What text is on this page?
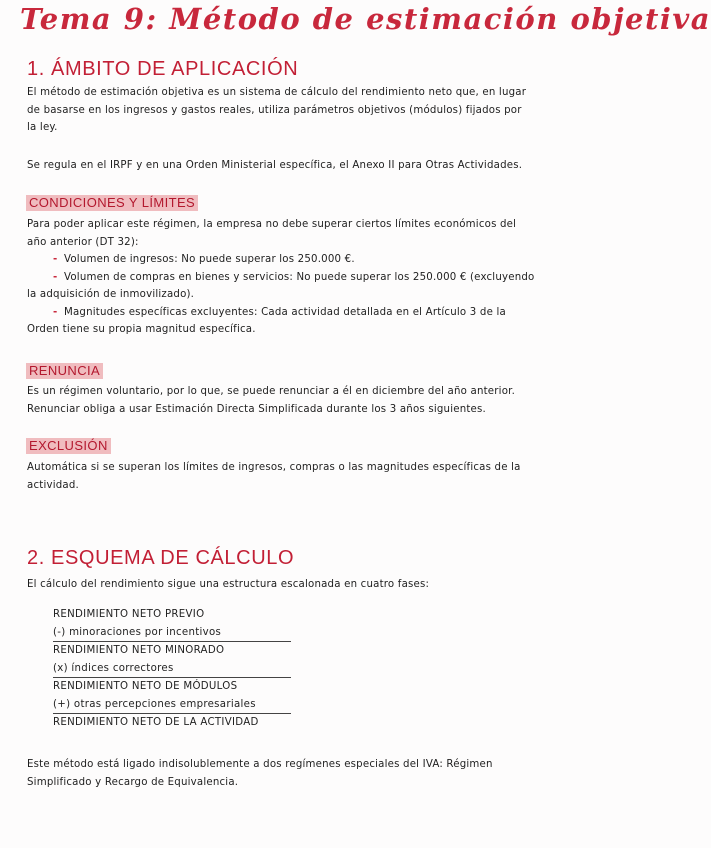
Tema 9: Método de estimación objetiva
1. ÁMBITO DE APLICACIÓN
El método de estimación objetiva es un sistema de cálculo del rendimiento neto que, en lugar
de basarse en los ingresos y gastos reales, utiliza parámetros objetivos (módulos) fijados por
la ley.
Se regula en el IRPF y en una Orden Ministerial específica, el Anexo II para Otras Actividades.
CONDICIONES Y LÍMITES
Para poder aplicar este régimen, la empresa no debe superar ciertos límites económicos del
año anterior (DT 32):
- Volumen de ingresos: No puede superar los 250.000 €.
- Volumen de compras en bienes y servicios: No puede superar los 250.000 € (excluyendo
la adquisición de inmovilizado).
- Magnitudes específicas excluyentes: Cada actividad detallada en el Artículo 3 de la
Orden tiene su propia magnitud específica.
RENUNCIA
Es un régimen voluntario, por lo que, se puede renunciar a él en diciembre del año anterior.
Renunciar obliga a usar Estimación Directa Simplificada durante los 3 años siguientes.
EXCLUSIÓN
Automática si se superan los límites de ingresos, compras o las magnitudes específicas de la
actividad.
2. ESQUEMA DE CÁLCULO
El cálculo del rendimiento sigue una estructura escalonada en cuatro fases:
RENDIMIENTO NETO PREVIO
(-) minoraciones por incentivos
RENDIMIENTO NETO MINORADO
(x) índices correctores
RENDIMIENTO NETO DE MÓDULOS
(+) otras percepciones empresariales
RENDIMIENTO NETO DE LA ACTIVIDAD
Este método está ligado indisolublemente a dos regímenes especiales del IVA: Régimen
Simplificado y Recargo de Equivalencia.
